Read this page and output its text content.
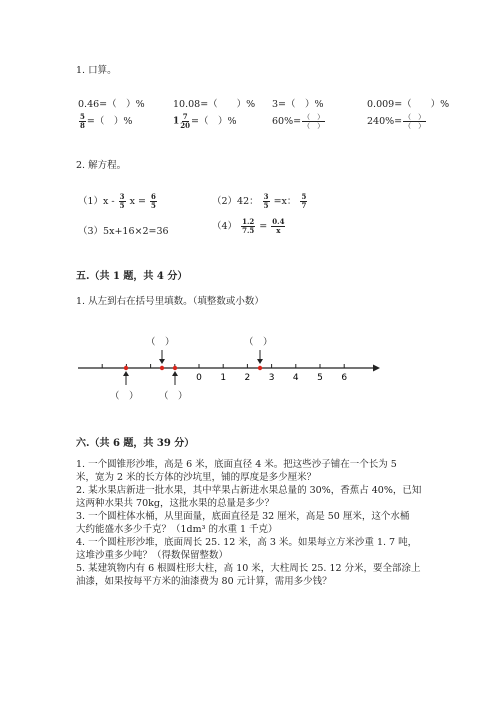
1. 口算。
0.46=（　）%	10.08=（　　）% 3=（　）%	0.009=（　　）%
$\frac{5}{8}$ =（　）%	$1 \frac{7}{20}$ =（　）%	$60\%= \frac{( )}{( )}$	$240\%= \frac{( )}{( )}$
2. 解方程。
$(1)x - \frac{3}{5}$ $x = \frac{6}{5}$	（2）42： $\frac{3}{5} =x$： $\frac{5}{7}$
（3）5x+16×2=36	$(4) \frac{1.2}{7.5} = \frac{0.4}{x}$
五.（共 1 题，共 4 分）
1. 从左到右在括号里填数。（填整数或小数）
0 1 2 3 4 5 6
（　）	（　）
（　） （　）
六.（共 6 题，共 39 分）
1. 一个圆锥形沙堆，高是 6 米，底面直径 4 米。把这些沙子铺在一个长为 5
米，宽为 2 米的长方体的沙坑里，铺的厚度是多少厘米？
2. 某水果店新进一批水果，其中苹果占新进水果总量的 30%，香蕉占 40%，已知
这两种水果共 70kg，这批水果的总量是多少？
3. 一个圆柱体水桶，从里面量，底面直径是 32 厘米，高是 50 厘米，这个水桶
大约能盛水多少千克？（1dm³ 的水重 1 千克）
4. 一个圆柱形沙堆，底面周长 25. 12 米，高 3 米。如果每立方米沙重 1. 7 吨，
这堆沙重多少吨？（得数保留整数）
5. 某建筑物内有 6 根圆柱形大柱，高 10 米，大柱周长 25. 12 分米，要全部涂上
油漆，如果按每平方米的油漆费为 80 元计算，需用多少钱？
